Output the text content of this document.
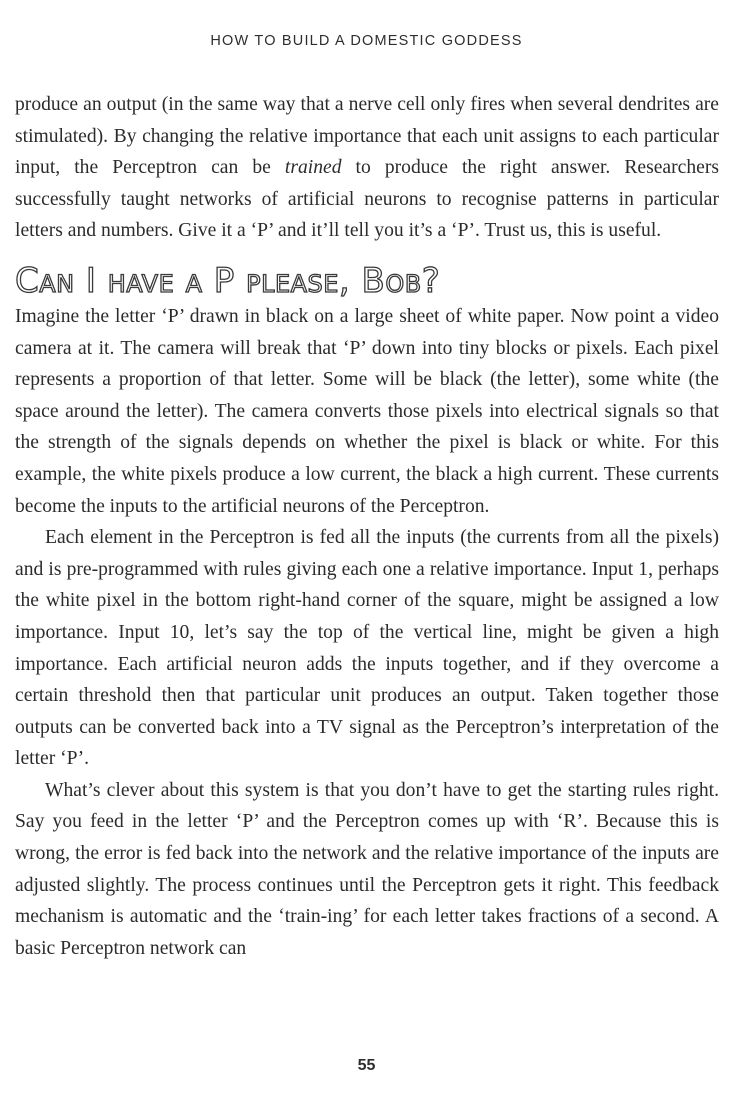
HOW TO BUILD A DOMESTIC GODDESS

produce an output (in the same way that a nerve cell only fires when several dendrites are stimulated). By changing the relative importance that each unit assigns to each particular input, the Perceptron can be trained to produce the right answer. Researchers successfully taught networks of artificial neurons to recognise patterns in particular letters and numbers. Give it a ‘P’ and it’ll tell you it’s a ‘P’. Trust us, this is useful.

Can I have a P please, Bob?

Imagine the letter ‘P’ drawn in black on a large sheet of white paper. Now point a video camera at it. The camera will break that ‘P’ down into tiny blocks or pixels. Each pixel represents a proportion of that letter. Some will be black (the letter), some white (the space around the letter). The camera converts those pixels into electrical signals so that the strength of the signals depends on whether the pixel is black or white. For this example, the white pixels produce a low current, the black a high current. These currents become the inputs to the artificial neurons of the Perceptron.

Each element in the Perceptron is fed all the inputs (the currents from all the pixels) and is pre-programmed with rules giving each one a relative importance. Input 1, perhaps the white pixel in the bottom right-hand corner of the square, might be assigned a low importance. Input 10, let’s say the top of the vertical line, might be given a high importance. Each artificial neuron adds the inputs together, and if they overcome a certain threshold then that particular unit produces an output. Taken together those outputs can be converted back into a TV signal as the Perceptron’s interpretation of the letter ‘P’.

What’s clever about this system is that you don’t have to get the starting rules right. Say you feed in the letter ‘P’ and the Perceptron comes up with ‘R’. Because this is wrong, the error is fed back into the network and the relative importance of the inputs are adjusted slightly. The process continues until the Perceptron gets it right. This feedback mechanism is automatic and the ‘train-ing’ for each letter takes fractions of a second. A basic Perceptron network can

55
